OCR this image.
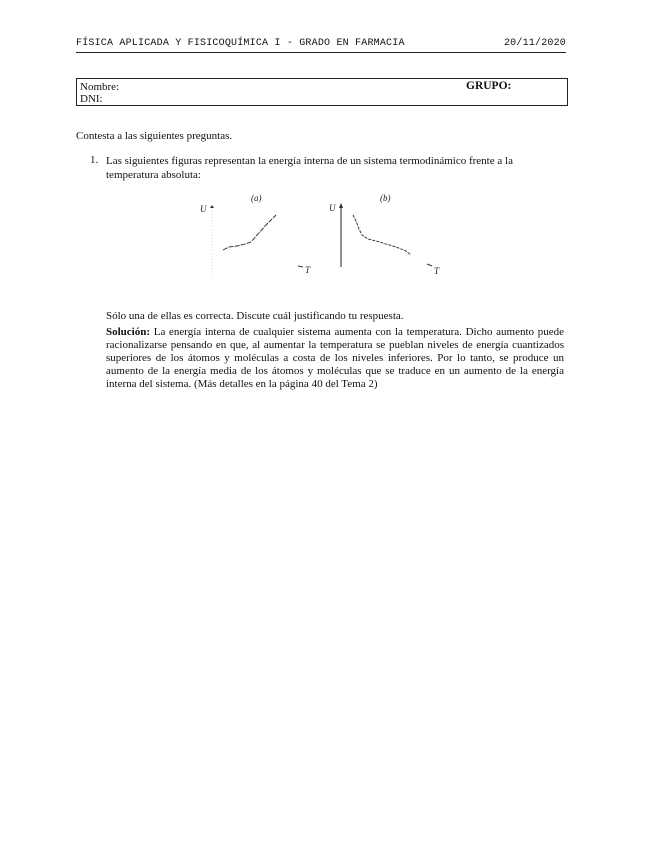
FÍSICA APLICADA Y FISICOQUÍMICA I - GRADO EN FARMACIA	20/11/2020
Nombre:
DNI:
GRUPO:
Contesta a las siguientes preguntas.
1. Las siguientes figuras representan la energía interna de un sistema termodinámico frente a la temperatura absoluta:
U
(a)
T
U
(b)
T
Sólo una de ellas es correcta. Discute cuál justificando tu respuesta.
Solución: La energía interna de cualquier sistema aumenta con la temperatura. Dicho aumento puede racionalizarse pensando en que, al aumentar la temperatura se pueblan niveles de energía cuantizados superiores de los átomos y moléculas a costa de los niveles inferiores. Por lo tanto, se produce un aumento de la energía media de los átomos y moléculas que se traduce en un aumento de la energía interna del sistema. (Más detalles en la página 40 del Tema 2)
